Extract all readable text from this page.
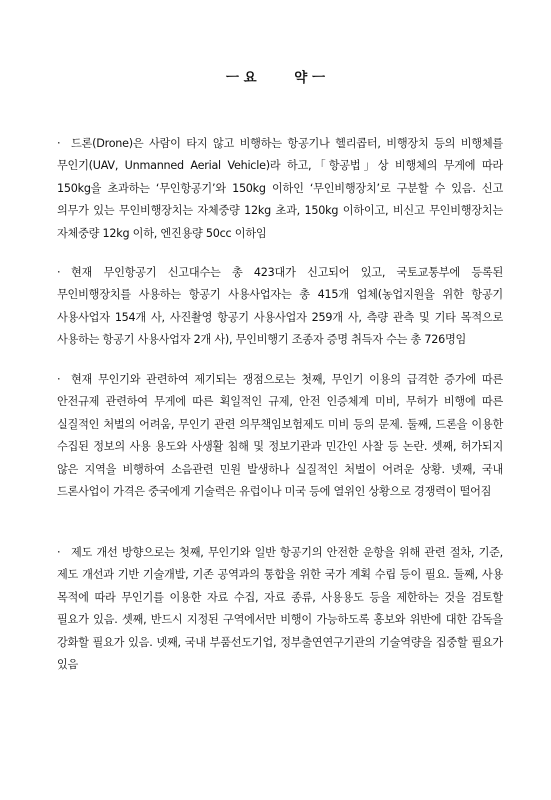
ㅡ 요        약 ㅡ
· 드론(Drone)은 사람이 타지 않고 비행하는 항공기나 헬리콥터, 비행장치 등의 비행체를 무인기(UAV, Unmanned Aerial Vehicle)라 하고,「항공법」상 비행체의 무게에 따라 150kg을 초과하는 ‘무인항공기’와 150kg 이하인 ‘무인비행장치’로 구분할 수 있음. 신고 의무가 있는 무인비행장치는 자체중량 12kg 초과, 150kg 이하이고, 비신고 무인비행장치는 자체중량 12kg 이하, 엔진용량 50cc 이하임
· 현재 무인항공기 신고대수는 총 423대가 신고되어 있고, 국토교통부에 등록된 무인비행장치를 사용하는 항공기 사용사업자는 총 415개 업체(농업지원을 위한 항공기 사용사업자 154개 사, 사진촬영 항공기 사용사업자 259개 사, 측량 관측 및 기타 목적으로 사용하는 항공기 사용사업자 2개 사), 무인비행기 조종자 증명 취득자 수는 총 726명임
· 현재 무인기와 관련하여 제기되는 쟁점으로는 첫째, 무인기 이용의 급격한 증가에 따른 안전규제 관련하여 무게에 따른 획일적인 규제, 안전 인증체계 미비, 무허가 비행에 따른 실질적인 처벌의 어려움, 무인기 관련 의무책임보험제도 미비 등의 문제. 둘째, 드론을 이용한 수집된 정보의 사용 용도와 사생활 침해 및 정보기관과 민간인 사찰 등 논란. 셋째, 허가되지 않은 지역을 비행하여 소음관련 민원 발생하나 실질적인 처벌이 어려운 상황. 넷째, 국내 드론사업이 가격은 중국에게 기술력은 유럽이나 미국 등에 열위인 상황으로 경쟁력이 떨어짐
· 제도 개선 방향으로는 첫째, 무인기와 일반 항공기의 안전한 운항을 위해 관련 절차, 기준, 제도 개선과 기반 기술개발, 기존 공역과의 통합을 위한 국가 계획 수립 등이 필요. 둘째, 사용 목적에 따라 무인기를 이용한 자료 수집, 자료 종류, 사용용도 등을 제한하는 것을 검토할 필요가 있음. 셋째, 반드시 지정된 구역에서만 비행이 가능하도록 홍보와 위반에 대한 감독을 강화할 필요가 있음. 넷째, 국내 부품선도기업, 정부출연연구기관의 기술역량을 집중할 필요가 있음
